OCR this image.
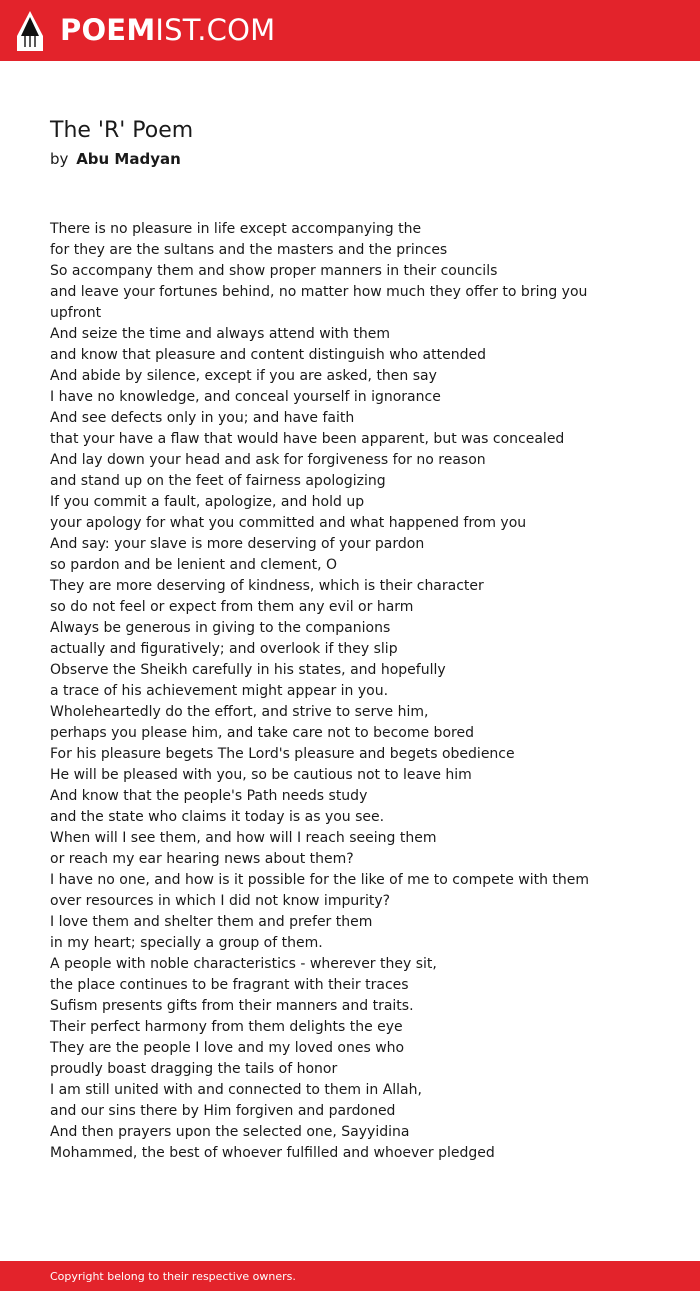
POEMIST.COM
The 'R' Poem
by Abu Madyan
There is no pleasure in life except accompanying the
for they are the sultans and the masters and the princes
So accompany them and show proper manners in their councils
and leave your fortunes behind, no matter how much they offer to bring you upfront
And seize the time and always attend with them
and know that pleasure and content distinguish who attended
And abide by silence, except if you are asked, then say
I have no knowledge, and conceal yourself in ignorance
And see defects only in you; and have faith
that your have a flaw that would have been apparent, but was concealed
And lay down your head and ask for forgiveness for no reason
and stand up on the feet of fairness apologizing
If you commit a fault, apologize, and hold up
your apology for what you committed and what happened from you
And say: your slave is more deserving of your pardon
so pardon and be lenient and clement, O
They are more deserving of kindness, which is their character
so do not feel or expect from them any evil or harm
Always be generous in giving to the companions
actually and figuratively; and overlook if they slip
Observe the Sheikh carefully in his states, and hopefully
a trace of his achievement might appear in you.
Wholeheartedly do the effort, and strive to serve him,
perhaps you please him, and take care not to become bored
For his pleasure begets The Lord's pleasure and begets obedience
He will be pleased with you, so be cautious not to leave him
And know that the people's Path needs study
and the state who claims it today is as you see.
When will I see them, and how will I reach seeing them
or reach my ear hearing news about them?
I have no one, and how is it possible for the like of me to compete with them
over resources in which I did not know impurity?
I love them and shelter them and prefer them
in my heart; specially a group of them.
A people with noble characteristics - wherever they sit,
the place continues to be fragrant with their traces
Sufism presents gifts from their manners and traits.
Their perfect harmony from them delights the eye
They are the people I love and my loved ones who
proudly boast dragging the tails of honor
I am still united with and connected to them in Allah,
and our sins there by Him forgiven and pardoned
And then prayers upon the selected one, Sayyidina
Mohammed, the best of whoever fulfilled and whoever pledged
Copyright belong to their respective owners.
